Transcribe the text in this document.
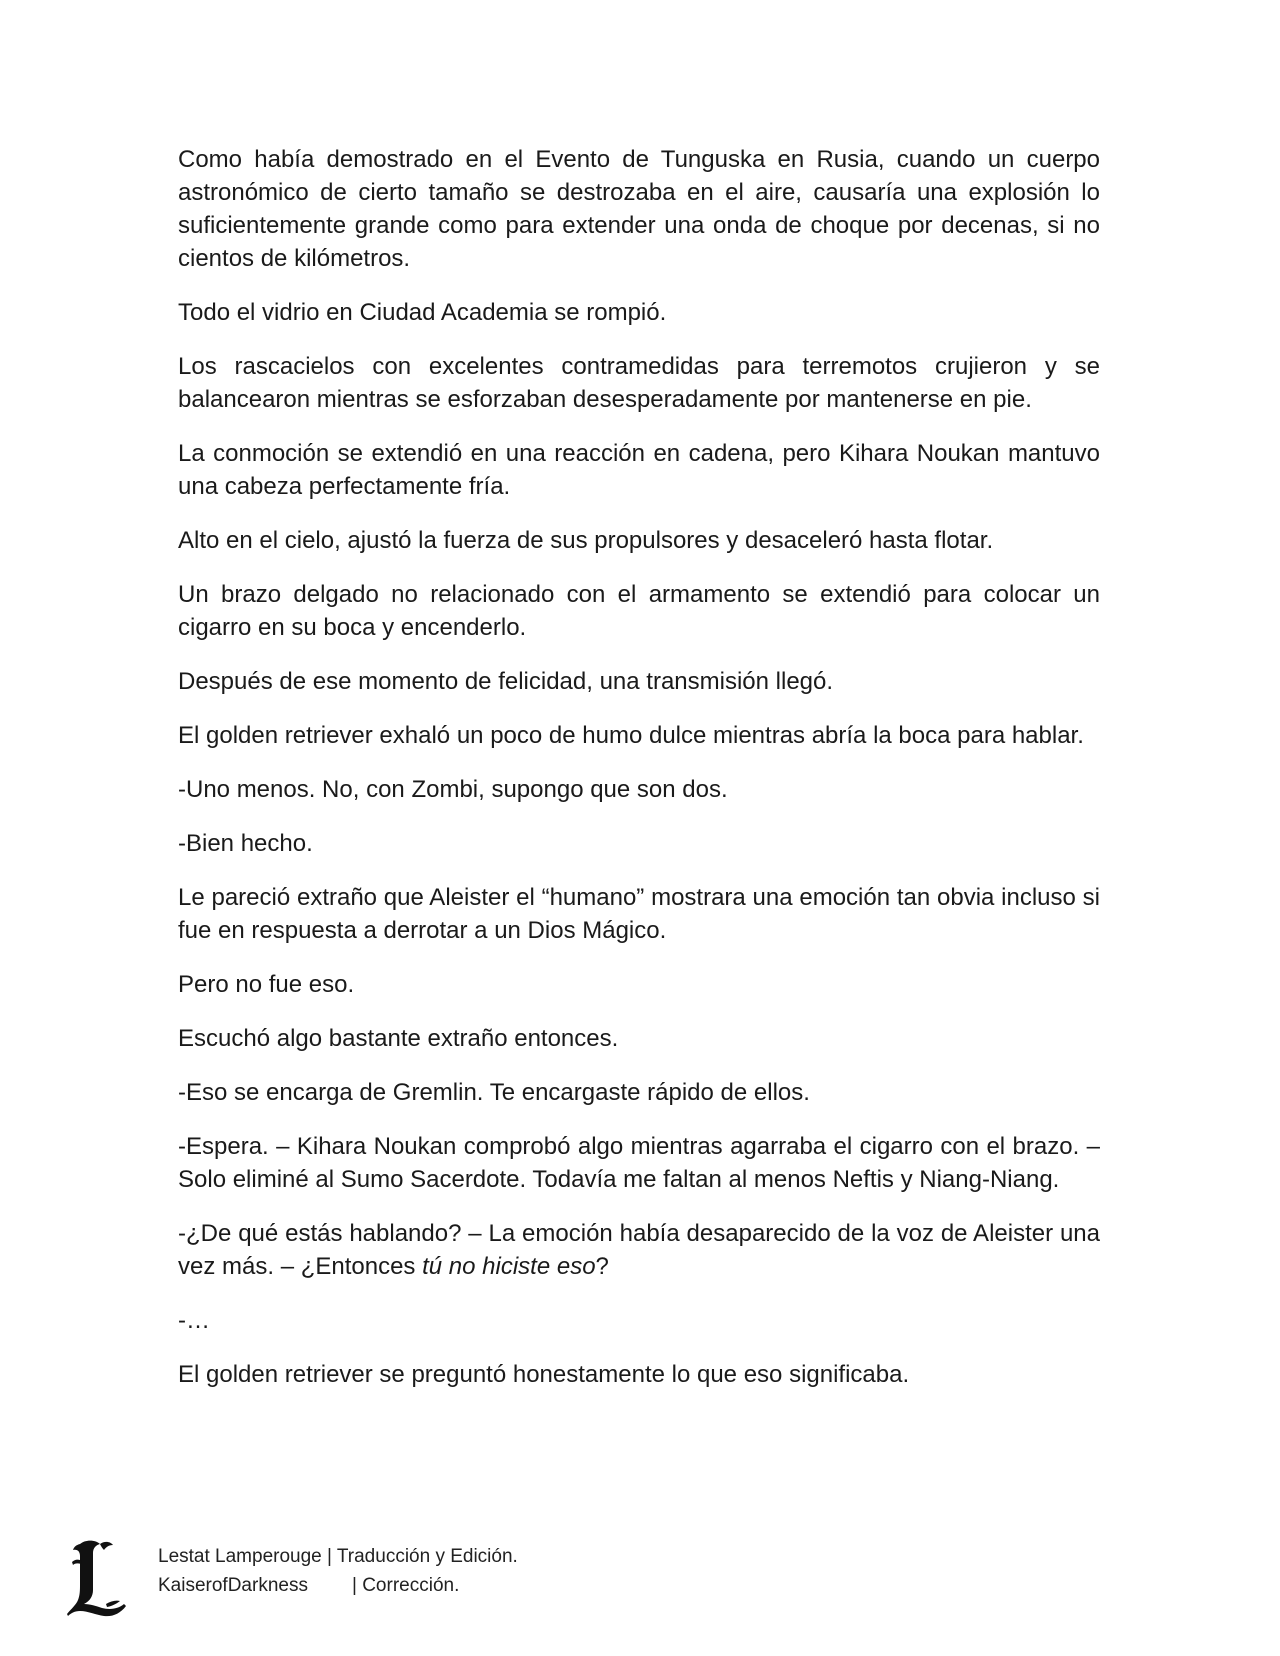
Como había demostrado en el Evento de Tunguska en Rusia, cuando un cuerpo astronómico de cierto tamaño se destrozaba en el aire, causaría una explosión lo suficientemente grande como para extender una onda de choque por decenas, si no cientos de kilómetros.

Todo el vidrio en Ciudad Academia se rompió.

Los rascacielos con excelentes contramedidas para terremotos crujieron y se balancearon mientras se esforzaban desesperadamente por mantenerse en pie.

La conmoción se extendió en una reacción en cadena, pero Kihara Noukan mantuvo una cabeza perfectamente fría.

Alto en el cielo, ajustó la fuerza de sus propulsores y desaceleró hasta flotar.

Un brazo delgado no relacionado con el armamento se extendió para colocar un cigarro en su boca y encenderlo.

Después de ese momento de felicidad, una transmisión llegó.

El golden retriever exhaló un poco de humo dulce mientras abría la boca para hablar.

-Uno menos. No, con Zombi, supongo que son dos.

-Bien hecho.

Le pareció extraño que Aleister el “humano” mostrara una emoción tan obvia incluso si fue en respuesta a derrotar a un Dios Mágico.

Pero no fue eso.

Escuchó algo bastante extraño entonces.

-Eso se encarga de Gremlin. Te encargaste rápido de ellos.

-Espera. – Kihara Noukan comprobó algo mientras agarraba el cigarro con el brazo. – Solo eliminé al Sumo Sacerdote. Todavía me faltan al menos Neftis y Niang-Niang.

-¿De qué estás hablando? – La emoción había desaparecido de la voz de Aleister una vez más. – ¿Entonces tú no hiciste eso?

-…

El golden retriever se preguntó honestamente lo que eso significaba.

Lestat Lamperouge | Traducción y Edición.
KaiserofDarkness	| Corrección.
